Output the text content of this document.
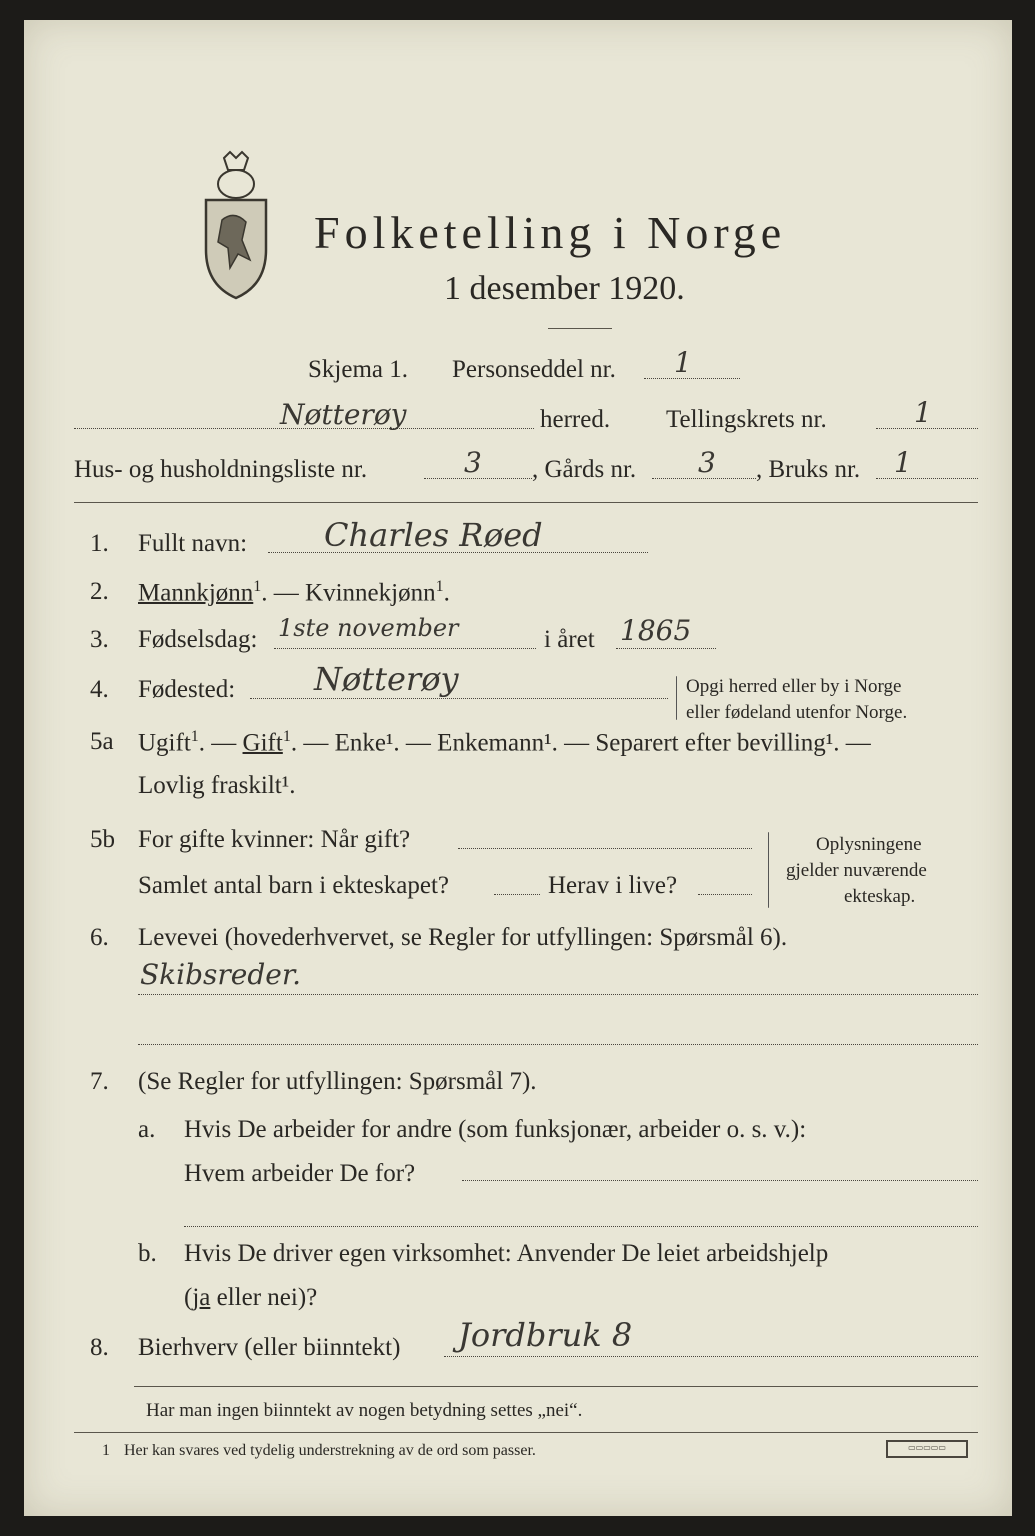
Folketelling i Norge
1 desember 1920.
Skjema 1. Personseddel nr. 1
Nøtterøy	herred. Tellingskrets nr.	1
Hus- og husholdningsliste nr.	3 , Gårds nr. 3 , Bruks nr. 1
1. Fullt navn: Charles Røed
2. Mannkjønn$^1$. — Kvinnekjønn$^1$.
3. Fødselsdag: 1ste november	i året 1865
4. Fødested: Nøtterøy	Opgi herred eller by i Norge
eller fødeland utenfor Norge.
5a Ugift$^1$. — Gift$^1$. — Enke¹. — Enkemann¹. — Separert efter bevilling¹. —
Lovlig fraskilt¹.
5b For gifte kvinner: Når gift?
Samlet antal barn i ekteskapet?	Herav i live?
Oplysningene
gjelder nuværende
ekteskap.
6. Levevei (hovederhvervet, se Regler for utfyllingen: Spørsmål 6).
Skibsreder.
7. (Se Regler for utfyllingen: Spørsmål 7).
a. Hvis De arbeider for andre (som funksjonær, arbeider o. s. v.):
Hvem arbeider De for?
b. Hvis De driver egen virksomhet: Anvender De leiet arbeidshjelp
(ja eller nei)?
8. Bierhverv (eller biinntekt) Jordbruk 8
Har man ingen biinntekt av nogen betydning settes „nei“.
1 Her kan svares ved tydelig understrekning av de ord som passer.	▭▭▭▭▭
